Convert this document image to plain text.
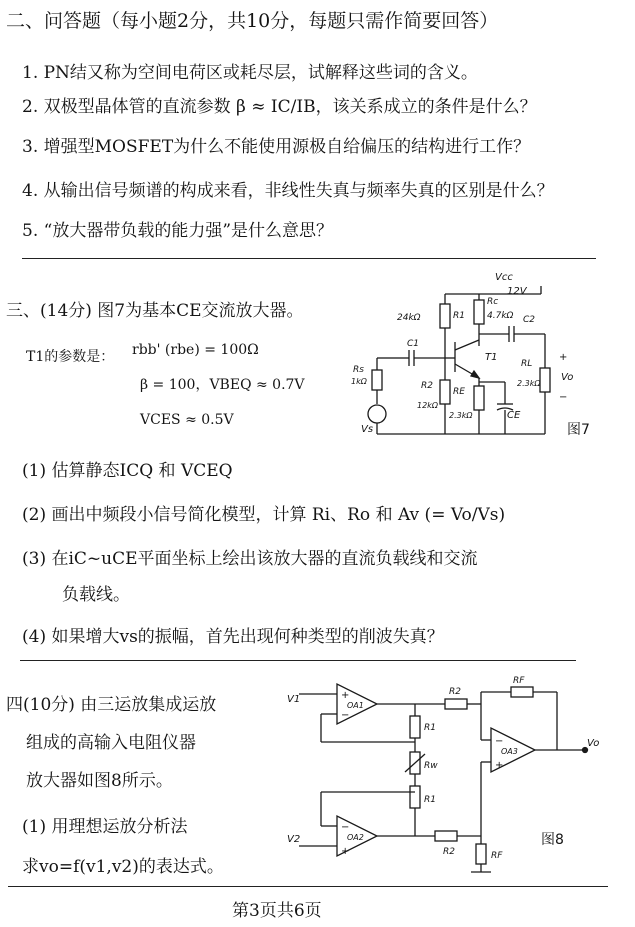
二、问答题（每小题2分，共10分，每题只需作简要回答）
1. PN结又称为空间电荷区或耗尽层，试解释这些词的含义。
2. 双极型晶体管的直流参数 β ≈ IC/IB，该关系成立的条件是什么？
3. 增强型MOSFET为什么不能使用源极自给偏压的结构进行工作？
4. 从输出信号频谱的构成来看，非线性失真与频率失真的区别是什么？
5. “放大器带负载的能力强”是什么意思？
三、(14分) 图7为基本CE交流放大器。
T1的参数是： rbb' (rbe) = 100Ω
β = 100，VBEQ ≈ 0.7V
VCES ≈ 0.5V
(1) 估算静态ICQ 和 VCEQ
(2) 画出中频段小信号简化模型，计算 Ri、Ro 和 Av (= Vo/Vs)
(3) 在iC~uCE平面坐标上绘出该放大器的直流负载线和交流
负载线。
(4) 如果增大vs的振幅，首先出现何种类型的削波失真？
Vcc
12V
24kΩ	R1
Rc
4.7kΩ
C1
C2
T1
Rs
1kΩ	R2
12kΩ
RE
2.3kΩ	CE
RL
2.3kΩ
+
Vo
−
Vs	图7
四(10分) 由三运放集成运放
组成的高输入电阻仪器
放大器如图8所示。
(1) 用理想运放分析法
求vo=f(v1,v2)的表达式。
V1
V2
OA1
OA2
OA3
R1
Rw
R1
R2
RF
R2	RF
Vo
−
+
−
+
−
+
图8
第3页共6页
